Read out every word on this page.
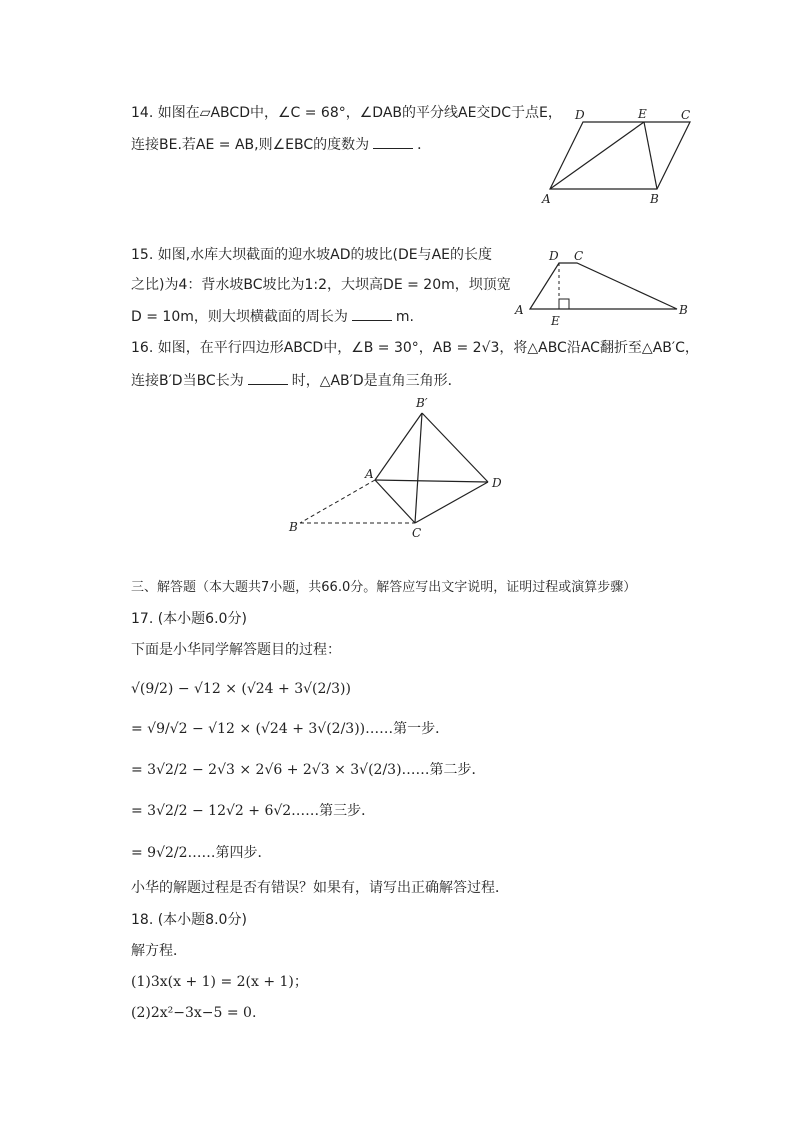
14. 如图在▱ABCD中，∠C = 68°，∠DAB的平分线AE交DC于点E，
连接BE.若AE = AB,则∠EBC的度数为	．
D	E	C
A	B
15. 如图,水库大坝截面的迎水坡AD的坡比(DE与AE的长度
之比)为4：背水坡BC坡比为1:2，大坝高DE = 20m，坝顶宽
D = 10m，则大坝横截面的周长为	m.
D C
A
E
B
16. 如图，在平行四边形ABCD中，∠B = 30°，AB = 2√3，将△ABC沿AC翻折至△AB′C，
连接B′D当BC长为	时，△AB′D是直角三角形．
B′
A
D
B	C
三、解答题（本大题共7小题，共66.0分。解答应写出文字说明，证明过程或演算步骤）
17. (本小题6.0分)
下面是小华同学解答题目的过程：
√(9/2) − √12 × (√24 + 3√(2/3))
= √9/√2 − √12 × (√24 + 3√(2/3))……第一步．
= 3√2/2 − 2√3 × 2√6 + 2√3 × 3√(2/3)……第二步．
= 3√2/2 − 12√2 + 6√2……第三步．
= 9√2/2……第四步．
小华的解题过程是否有错误？如果有，请写出正确解答过程．
18. (本小题8.0分)
解方程．
(1)3x(x + 1) = 2(x + 1)；
(2)2x²−3x−5 = 0.
